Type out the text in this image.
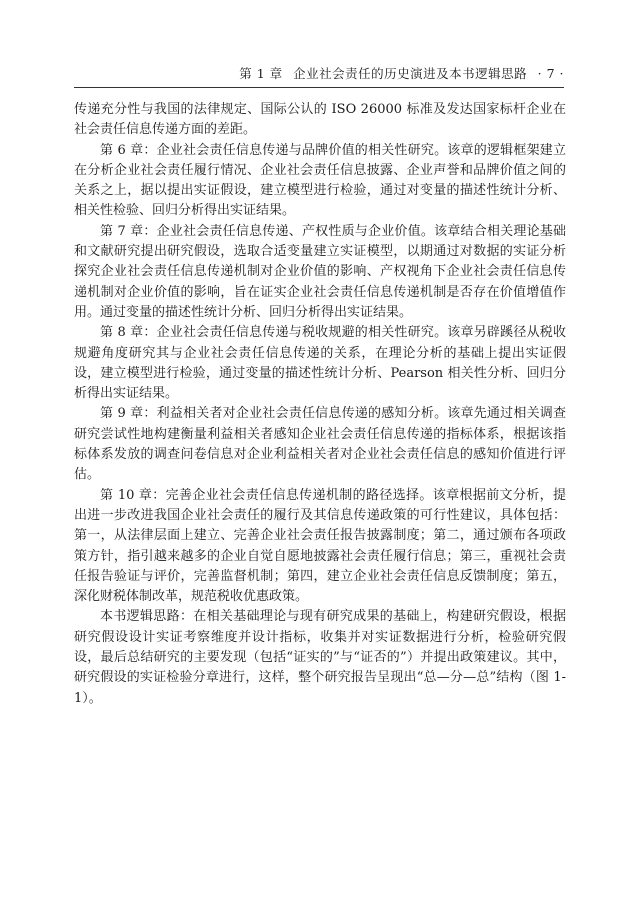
第 1 章 企业社会责任的历史演进及本书逻辑思路 · 7 ·

传递充分性与我国的法律规定、国际公认的 ISO 26000 标准及发达国家标杆企业在社会责任信息传递方面的差距。

第 6 章：企业社会责任信息传递与品牌价值的相关性研究。该章的逻辑框架建立在分析企业社会责任履行情况、企业社会责任信息披露、企业声誉和品牌价值之间的关系之上，据以提出实证假设，建立模型进行检验，通过对变量的描述性统计分析、相关性检验、回归分析得出实证结果。

第 7 章：企业社会责任信息传递、产权性质与企业价值。该章结合相关理论基础和文献研究提出研究假设，选取合适变量建立实证模型，以期通过对数据的实证分析探究企业社会责任信息传递机制对企业价值的影响、产权视角下企业社会责任信息传递机制对企业价值的影响，旨在证实企业社会责任信息传递机制是否存在价值增值作用。通过变量的描述性统计分析、回归分析得出实证结果。

第 8 章：企业社会责任信息传递与税收规避的相关性研究。该章另辟蹊径从税收规避角度研究其与企业社会责任信息传递的关系，在理论分析的基础上提出实证假设，建立模型进行检验，通过变量的描述性统计分析、Pearson 相关性分析、回归分析得出实证结果。

第 9 章：利益相关者对企业社会责任信息传递的感知分析。该章先通过相关调查研究尝试性地构建衡量利益相关者感知企业社会责任信息传递的指标体系，根据该指标体系发放的调查问卷信息对企业利益相关者对企业社会责任信息的感知价值进行评估。

第 10 章：完善企业社会责任信息传递机制的路径选择。该章根据前文分析，提出进一步改进我国企业社会责任的履行及其信息传递政策的可行性建议，具体包括：第一，从法律层面上建立、完善企业社会责任报告披露制度；第二，通过颁布各项政策方针，指引越来越多的企业自觉自愿地披露社会责任履行信息；第三，重视社会责任报告验证与评价，完善监督机制；第四，建立企业社会责任信息反馈制度；第五，深化财税体制改革，规范税收优惠政策。

本书逻辑思路：在相关基础理论与现有研究成果的基础上，构建研究假设，根据研究假设设计实证考察维度并设计指标，收集并对实证数据进行分析，检验研究假设，最后总结研究的主要发现（包括“证实的”与“证否的”）并提出政策建议。其中，研究假设的实证检验分章进行，这样，整个研究报告呈现出“总—分—总”结构（图 1-1）。
